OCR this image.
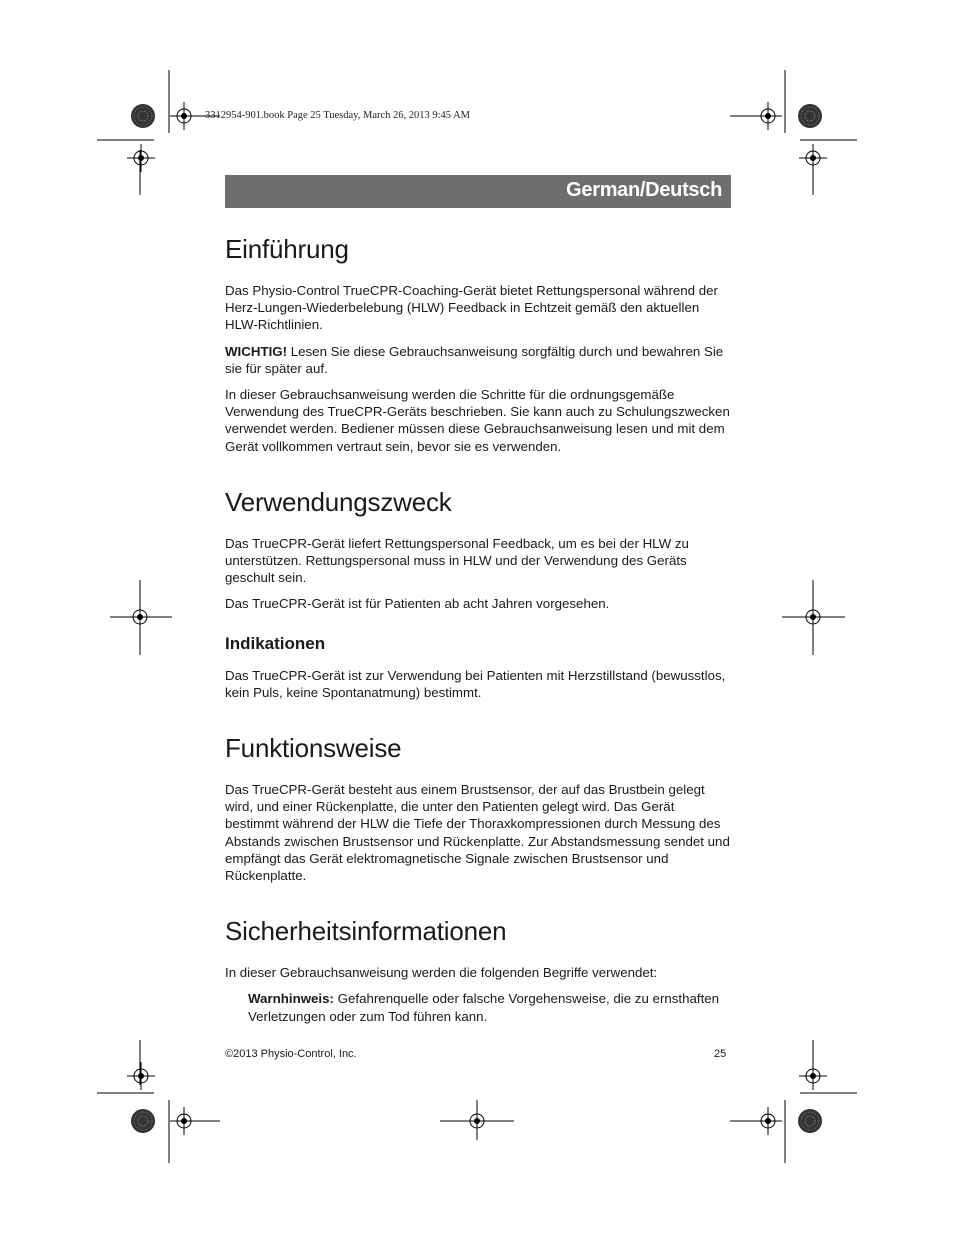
3312954-901.book Page 25 Tuesday, March 26, 2013 9:45 AM
German/Deutsch
Einführung

Das Physio-Control TrueCPR-Coaching-Gerät bietet Rettungspersonal während der Herz-Lungen-Wiederbelebung (HLW) Feedback in Echtzeit gemäß den aktuellen HLW-Richtlinien.

WICHTIG! Lesen Sie diese Gebrauchsanweisung sorgfältig durch und bewahren Sie sie für später auf.

In dieser Gebrauchsanweisung werden die Schritte für die ordnungsgemäße Verwendung des TrueCPR-Geräts beschrieben. Sie kann auch zu Schulungszwecken verwendet werden. Bediener müssen diese Gebrauchsanweisung lesen und mit dem Gerät vollkommen vertraut sein, bevor sie es verwenden.

Verwendungszweck

Das TrueCPR-Gerät liefert Rettungspersonal Feedback, um es bei der HLW zu unterstützen. Rettungspersonal muss in HLW und der Verwendung des Geräts geschult sein.

Das TrueCPR-Gerät ist für Patienten ab acht Jahren vorgesehen.

Indikationen

Das TrueCPR-Gerät ist zur Verwendung bei Patienten mit Herzstillstand (bewusstlos, kein Puls, keine Spontanatmung) bestimmt.

Funktionsweise

Das TrueCPR-Gerät besteht aus einem Brustsensor, der auf das Brustbein gelegt wird, und einer Rückenplatte, die unter den Patienten gelegt wird. Das Gerät bestimmt während der HLW die Tiefe der Thoraxkompressionen durch Messung des Abstands zwischen Brustsensor und Rückenplatte. Zur Abstandsmessung sendet und empfängt das Gerät elektromagnetische Signale zwischen Brustsensor und Rückenplatte.

Sicherheitsinformationen

In dieser Gebrauchsanweisung werden die folgenden Begriffe verwendet:

Warnhinweis: Gefahrenquelle oder falsche Vorgehensweise, die zu ernsthaften Verletzungen oder zum Tod führen kann.

©2013 Physio-Control, Inc.	25
